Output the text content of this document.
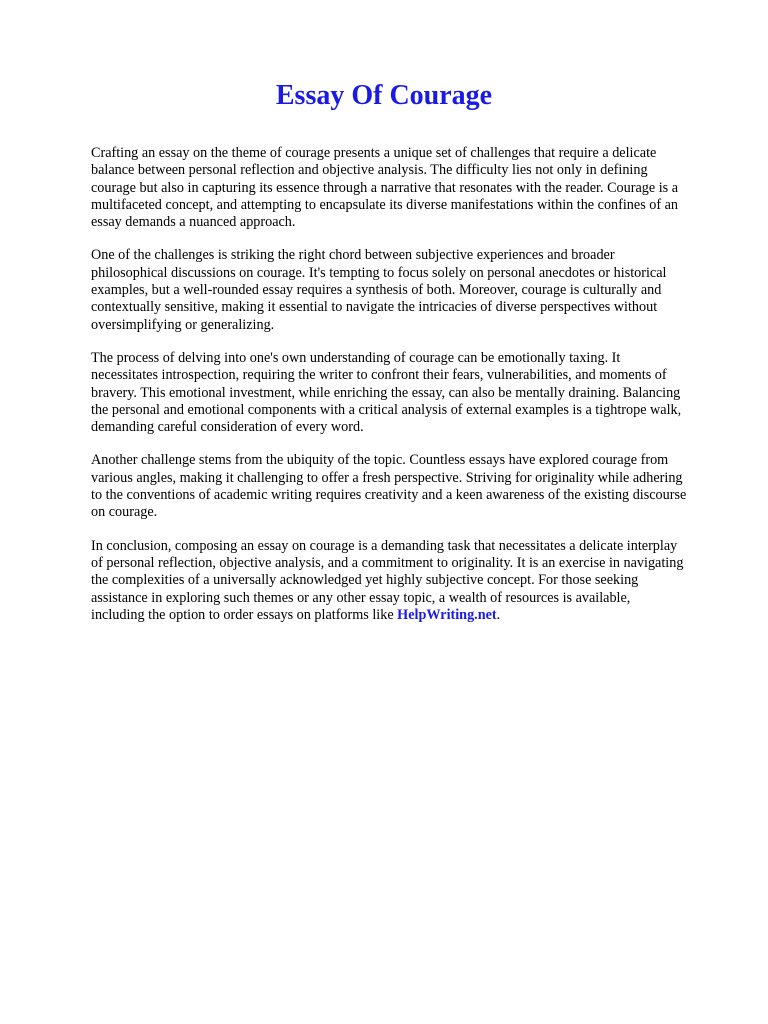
Essay Of Courage

Crafting an essay on the theme of courage presents a unique set of challenges that require a delicate balance between personal reflection and objective analysis. The difficulty lies not only in defining courage but also in capturing its essence through a narrative that resonates with the reader. Courage is a multifaceted concept, and attempting to encapsulate its diverse manifestations within the confines of an essay demands a nuanced approach.

One of the challenges is striking the right chord between subjective experiences and broader philosophical discussions on courage. It's tempting to focus solely on personal anecdotes or historical examples, but a well-rounded essay requires a synthesis of both. Moreover, courage is culturally and contextually sensitive, making it essential to navigate the intricacies of diverse perspectives without oversimplifying or generalizing.

The process of delving into one's own understanding of courage can be emotionally taxing. It necessitates introspection, requiring the writer to confront their fears, vulnerabilities, and moments of bravery. This emotional investment, while enriching the essay, can also be mentally draining. Balancing the personal and emotional components with a critical analysis of external examples is a tightrope walk, demanding careful consideration of every word.

Another challenge stems from the ubiquity of the topic. Countless essays have explored courage from various angles, making it challenging to offer a fresh perspective. Striving for originality while adhering to the conventions of academic writing requires creativity and a keen awareness of the existing discourse on courage.

In conclusion, composing an essay on courage is a demanding task that necessitates a delicate interplay of personal reflection, objective analysis, and a commitment to originality. It is an exercise in navigating the complexities of a universally acknowledged yet highly subjective concept. For those seeking assistance in exploring such themes or any other essay topic, a wealth of resources is available, including the option to order essays on platforms like HelpWriting.net.
